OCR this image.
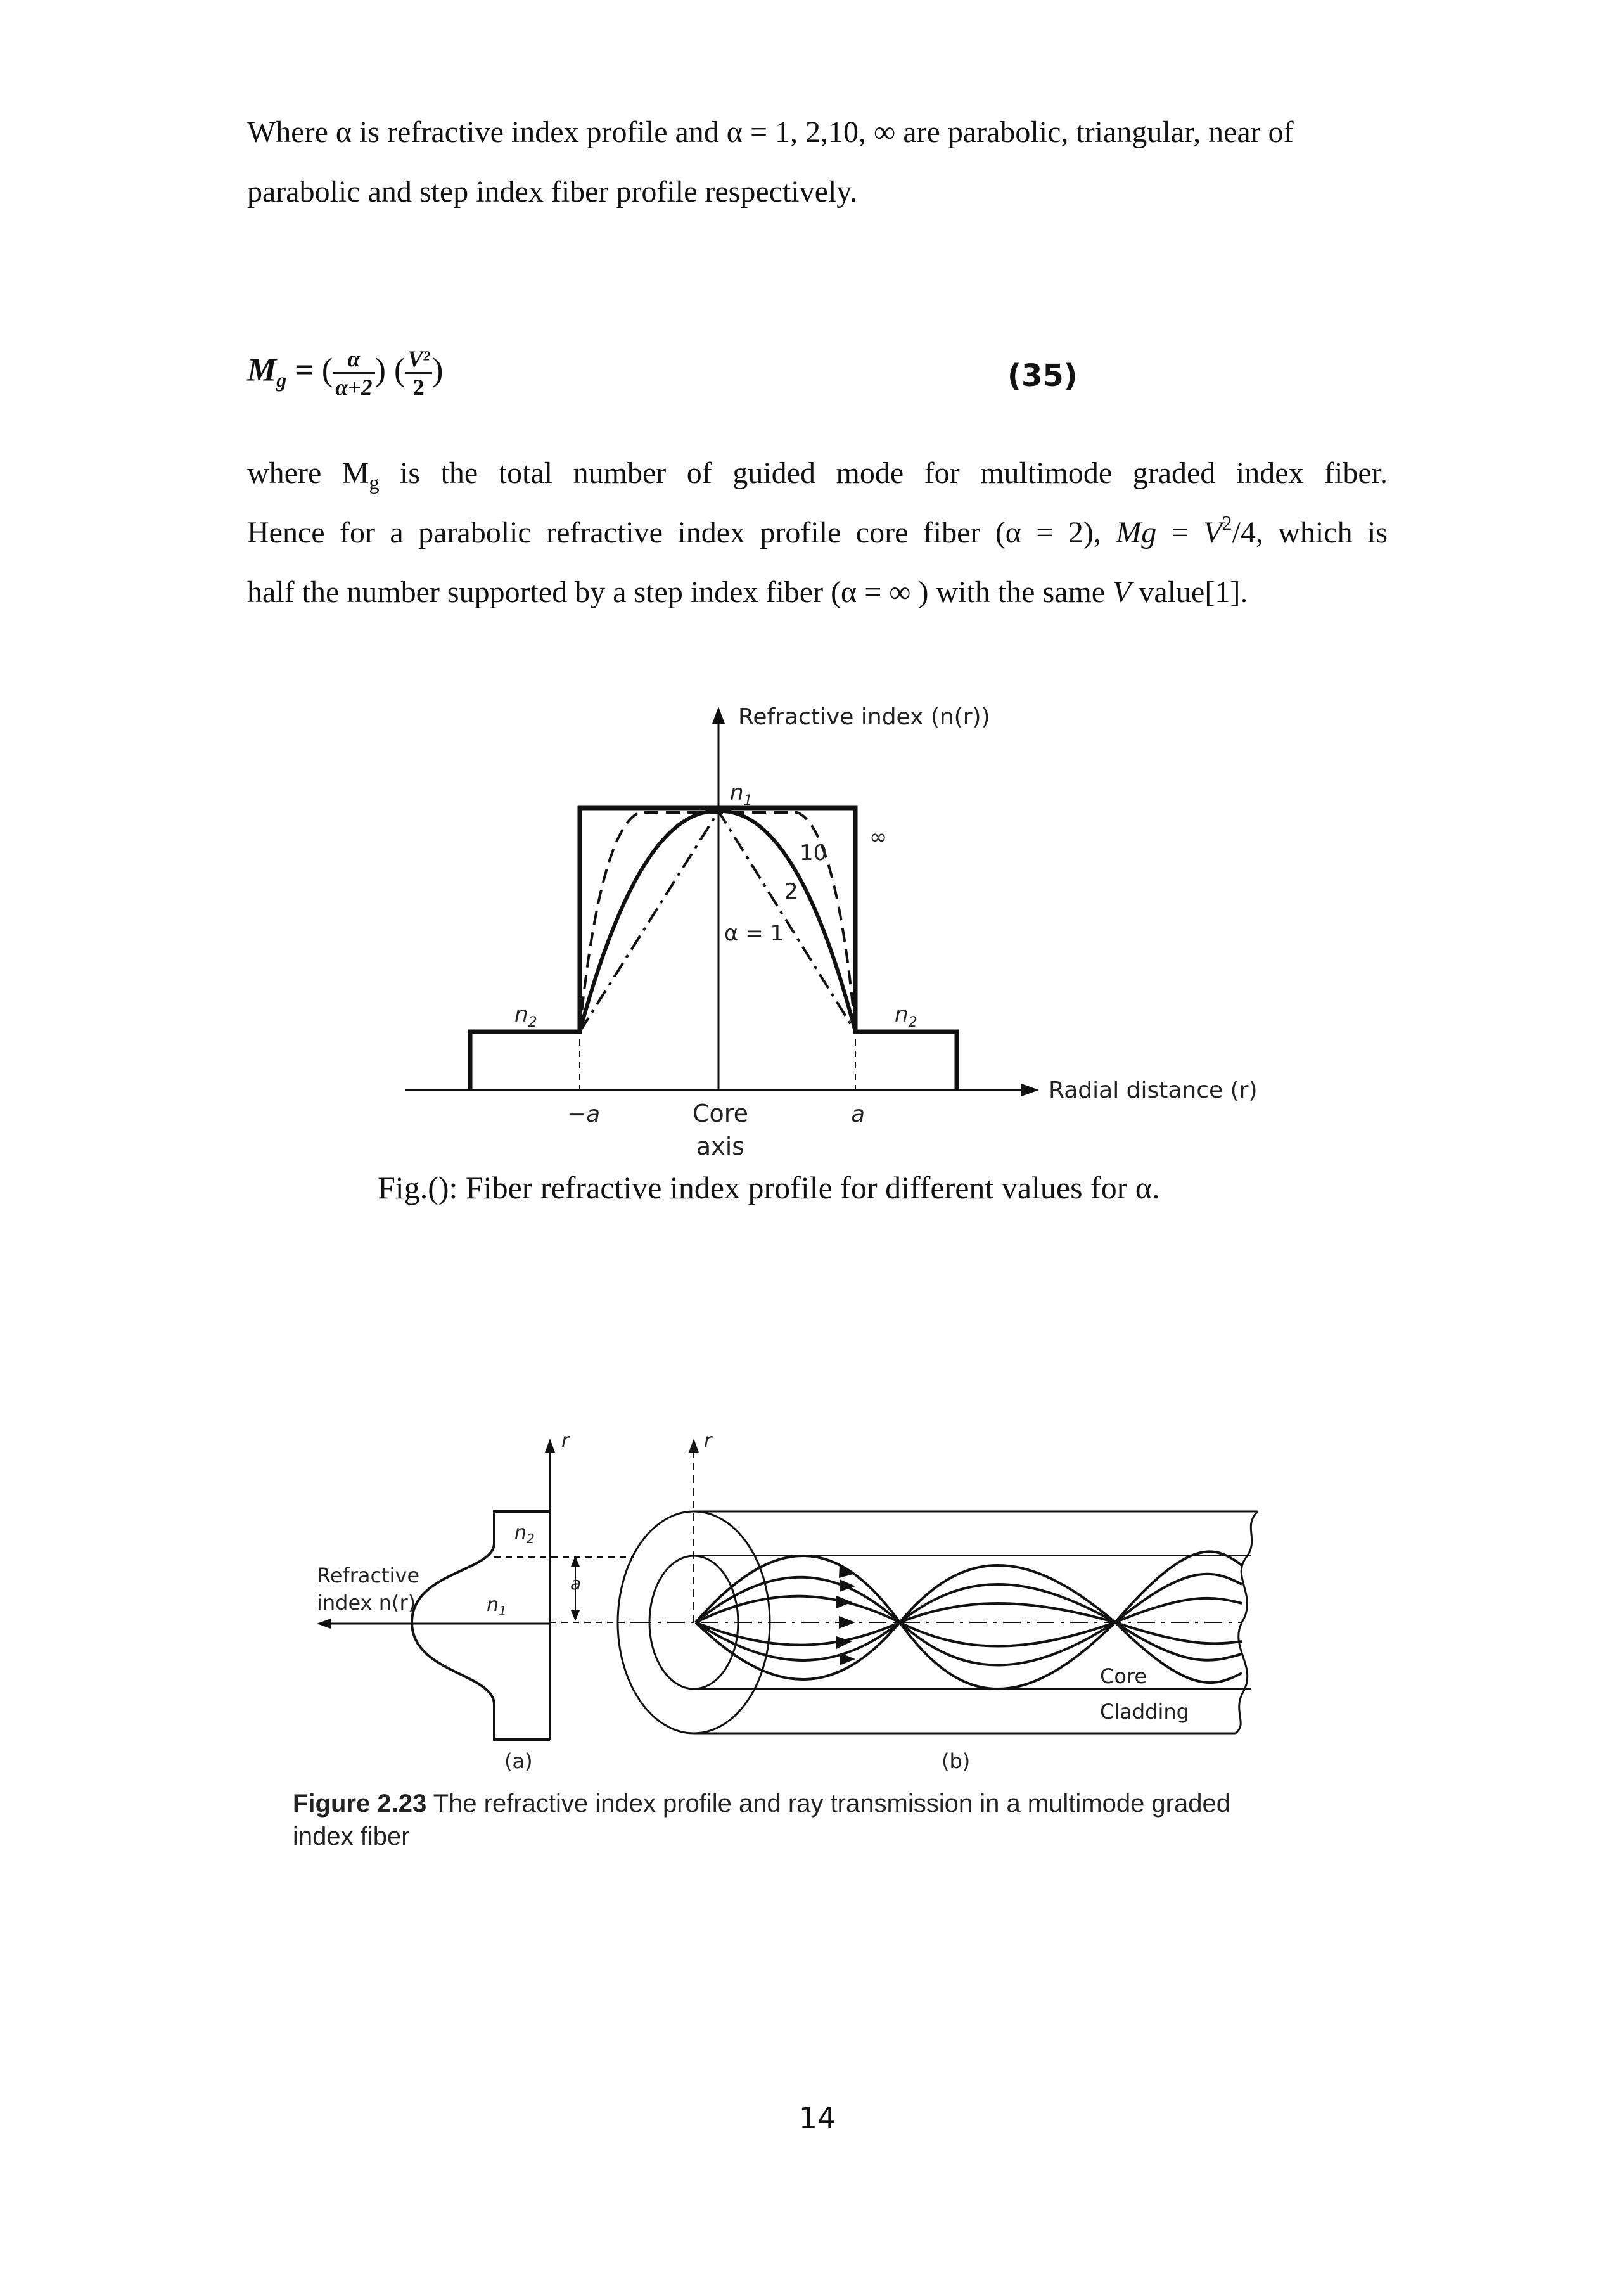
Where α is refractive index profile and α = 1, 2,10, ∞ are parabolic, triangular, near of
parabolic and step index fiber profile respectively.
$M_g$ = ( $\frac{\alpha}{\alpha+2}$ ) ( $\frac{\text{V²}}{2}$ )	(35)
where $M_g$ is the total number of guided mode for multimode graded index fiber.
Hence for a parabolic refractive index profile core fiber (α = 2), $Mg = V^2/4$, which is
half the number supported by a step index fiber (α = ∞ ) with the same V value[1].
Refractive index (n(r))
Radial distance (r)
$n_1$
$n_2$	$n_2$
α = 1
2
10
∞
−a	a
Core
axis
Fig.(): Fiber refractive index profile for different values for α.
r	r
Refractive
index n(r)
$n_2$
$n_1$
a
Core
Cladding
(a)	(b)
Figure 2.23 The refractive index profile and ray transmission in a multimode graded index fiber
14
